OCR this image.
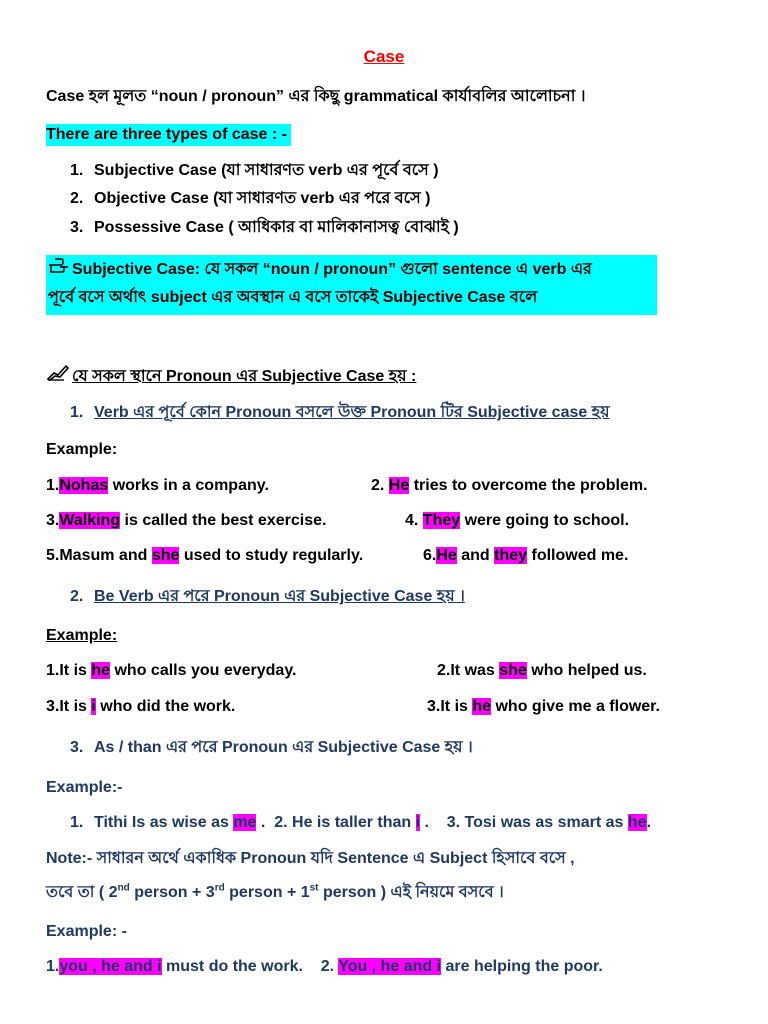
Case
Case হল মূলত “noun / pronoun” এর কিছু grammatical কার্যাবলির আলোচনা ।
There are three types of case : -
1. Subjective Case (যা সাধারণত verb এর পূর্বে বসে )
2. Objective Case (যা সাধারণত verb এর পরে বসে )
3. Possessive Case ( আধিকার বা মালিকানাসত্ব বোঝাই )
Subjective Case: যে সকল “noun / pronoun” গুলো sentence এ verb এর
পূর্বে বসে অর্থাৎ subject এর অবস্থান এ বসে তাকেই Subjective Case বলে
যে সকল স্থানে Pronoun এর Subjective Case হয় :
1. Verb এর পূর্বে কোন Pronoun বসলে উক্ত Pronoun টির Subjective case হয়
Example:
1.Nohas works in a company.	2. He tries to overcome the problem.
3.Walking is called the best exercise.	4. They were going to school.
5.Masum and she used to study regularly.	6.He and they followed me.
2. Be Verb এর পরে Pronoun এর Subjective Case হয় ।
Example:
1.It is he who calls you everyday.	2.It was she who helped us.
3.It is i who did the work.	3.It is he who give me a flower.
3. As / than এর পরে Pronoun এর Subjective Case হয় ।
Example:-
1. Tithi Is as wise as me . 2. He is taller than i . 3. Tosi was as smart as he.
Note:- সাধারন অর্থে একাধিক Pronoun যদি Sentence এ Subject হিসাবে বসে ,
তবে তা ( 2nd person + 3rd person + 1st person ) এই নিয়মে বসবে ।
Example: -
1.you , he and i must do the work. 2. You , he and i are helping the poor.
